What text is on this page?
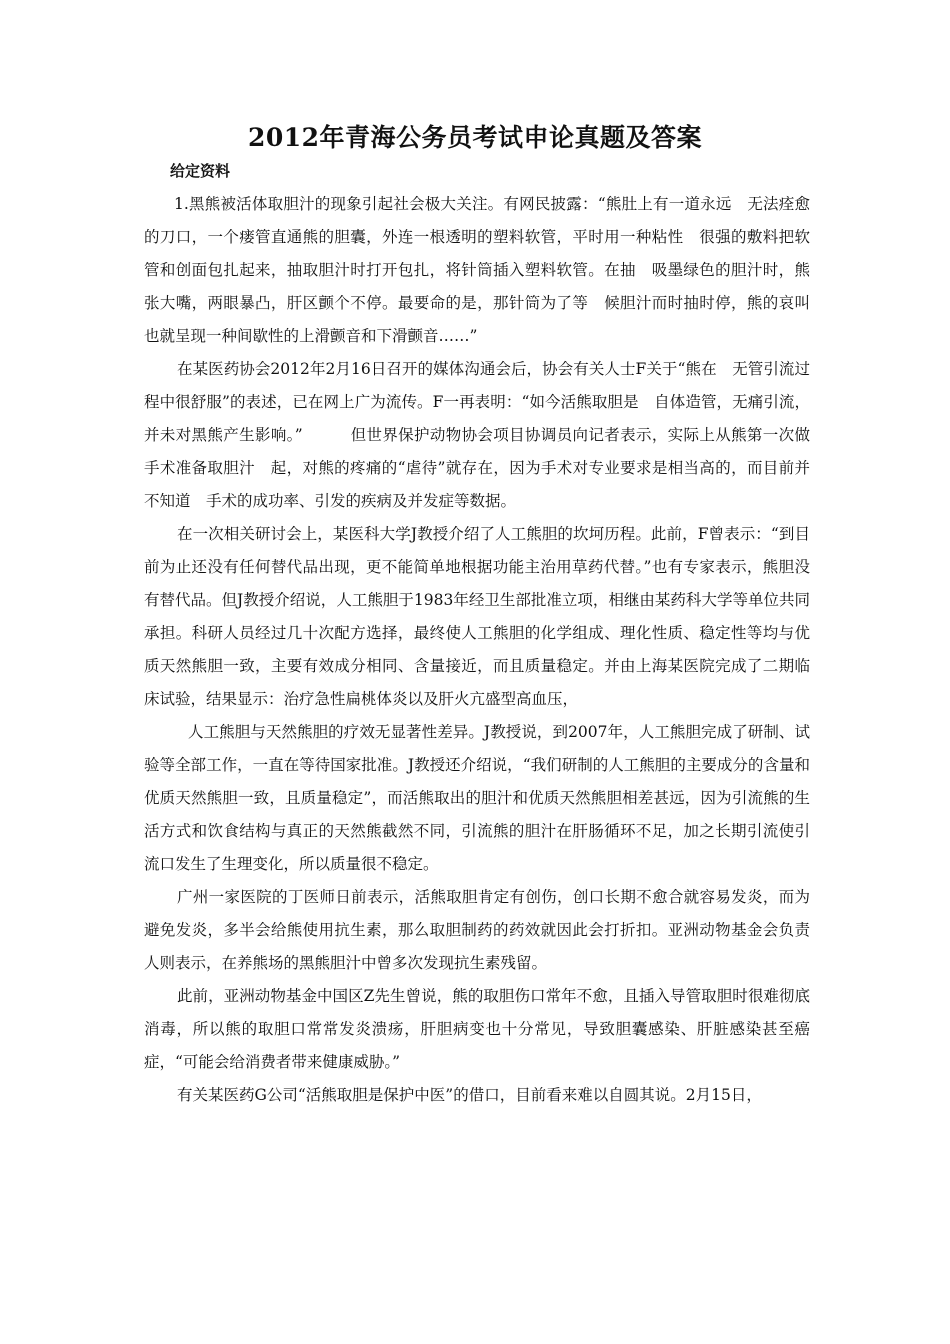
2012年青海公务员考试申论真题及答案
给定资料

1.黑熊被活体取胆汁的现象引起社会极大关注。有网民披露：“熊肚上有一道永远　无法痊愈的刀口，一个瘘管直通熊的胆囊，外连一根透明的塑料软管，平时用一种粘性　很强的敷料把软管和创面包扎起来，抽取胆汁时打开包扎，将针筒插入塑料软管。在抽　吸墨绿色的胆汁时，熊张大嘴，两眼暴凸，肝区颤个不停。最要命的是，那针筒为了等　候胆汁而时抽时停，熊的哀叫也就呈现一种间歇性的上滑颤音和下滑颤音……”

在某医药协会2012年2月16日召开的媒体沟通会后，协会有关人士F关于“熊在　无管引流过程中很舒服”的表述，已在网上广为流传。F一再表明：“如今活熊取胆是　自体造管，无痛引流，并未对黑熊产生影响。”　　　但世界保护动物协会项目协调员向记者表示，实际上从熊第一次做手术准备取胆汁　起，对熊的疼痛的“虐待”就存在，因为手术对专业要求是相当高的，而目前并不知道　手术的成功率、引发的疾病及并发症等数据。

在一次相关研讨会上，某医科大学J教授介绍了人工熊胆的坎坷历程。此前，F曾表示：“到目前为止还没有任何替代品出现，更不能简单地根据功能主治用草药代替。”也有专家表示，熊胆没有替代品。但J教授介绍说，人工熊胆于1983年经卫生部批准立项，相继由某药科大学等单位共同承担。科研人员经过几十次配方选择，最终使人工熊胆的化学组成、理化性质、稳定性等均与优质天然熊胆一致，主要有效成分相同、含量接近，而且质量稳定。并由上海某医院完成了二期临床试验，结果显示：治疗急性扁桃体炎以及肝火亢盛型高血压，

人工熊胆与天然熊胆的疗效无显著性差异。J教授说，到2007年，人工熊胆完成了研制、试验等全部工作，一直在等待国家批准。J教授还介绍说，“我们研制的人工熊胆的主要成分的含量和优质天然熊胆一致，且质量稳定”，而活熊取出的胆汁和优质天然熊胆相差甚远，因为引流熊的生活方式和饮食结构与真正的天然熊截然不同，引流熊的胆汁在肝肠循环不足，加之长期引流使引流口发生了生理变化，所以质量很不稳定。

广州一家医院的丁医师日前表示，活熊取胆肯定有创伤，创口长期不愈合就容易发炎，而为避免发炎，多半会给熊使用抗生素，那么取胆制药的药效就因此会打折扣。亚洲动物基金会负责人则表示，在养熊场的黑熊胆汁中曾多次发现抗生素残留。

此前，亚洲动物基金中国区Z先生曾说，熊的取胆伤口常年不愈，且插入导管取胆时很难彻底消毒，所以熊的取胆口常常发炎溃疡，肝胆病变也十分常见，导致胆囊感染、肝脏感染甚至癌症，“可能会给消费者带来健康威胁。”

有关某医药G公司“活熊取胆是保护中医”的借口，目前看来难以自圆其说。2月15日，
